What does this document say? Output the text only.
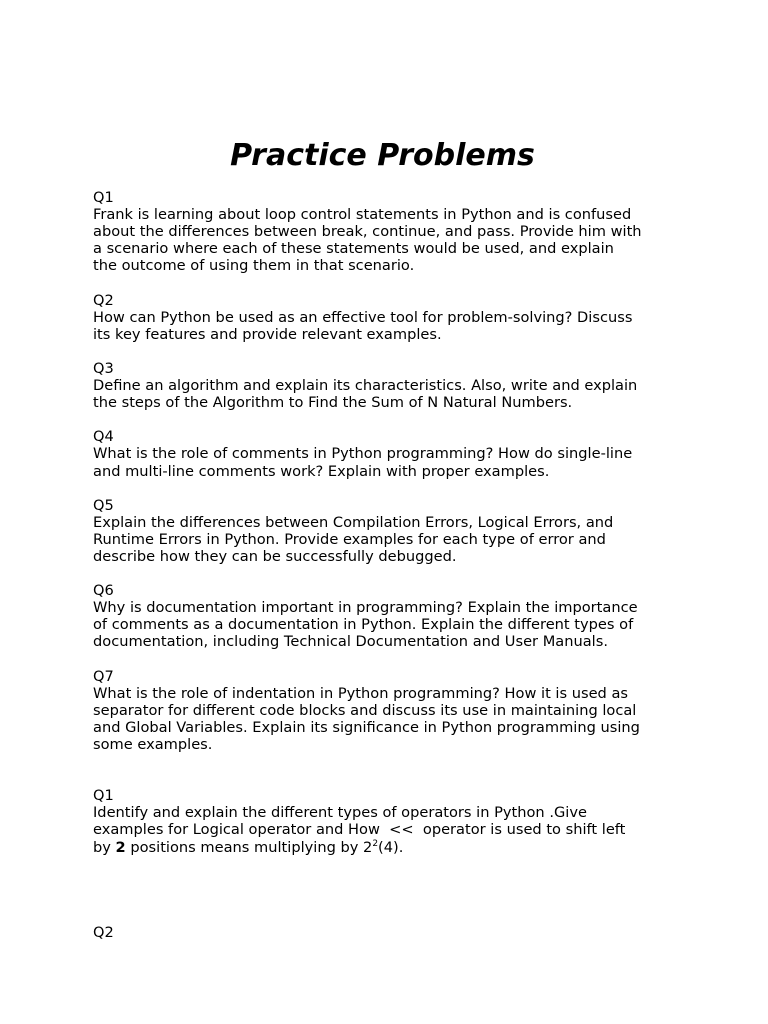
Practice Problems
Q1
Frank is learning about loop control statements in Python and is confused
about the differences between break, continue, and pass. Provide him with
a scenario where each of these statements would be used, and explain
the outcome of using them in that scenario.
Q2
How can Python be used as an effective tool for problem-solving? Discuss
its key features and provide relevant examples.
Q3
Define an algorithm and explain its characteristics. Also, write and explain
the steps of the Algorithm to Find the Sum of N Natural Numbers.
Q4
What is the role of comments in Python programming? How do single-line
and multi-line comments work? Explain with proper examples.
Q5
Explain the differences between Compilation Errors, Logical Errors, and
Runtime Errors in Python. Provide examples for each type of error and
describe how they can be successfully debugged.
Q6
Why is documentation important in programming? Explain the importance
of comments as a documentation in Python. Explain the different types of
documentation, including Technical Documentation and User Manuals.
Q7
What is the role of indentation in Python programming? How it is used as
separator for different code blocks and discuss its use in maintaining local
and Global Variables. Explain its significance in Python programming using
some examples.
Q1
Identify and explain the different types of operators in Python .Give
examples for Logical operator and How  <<  operator is used to shift left
by 2 positions means multiplying by $2^2(4)$.
Q2
